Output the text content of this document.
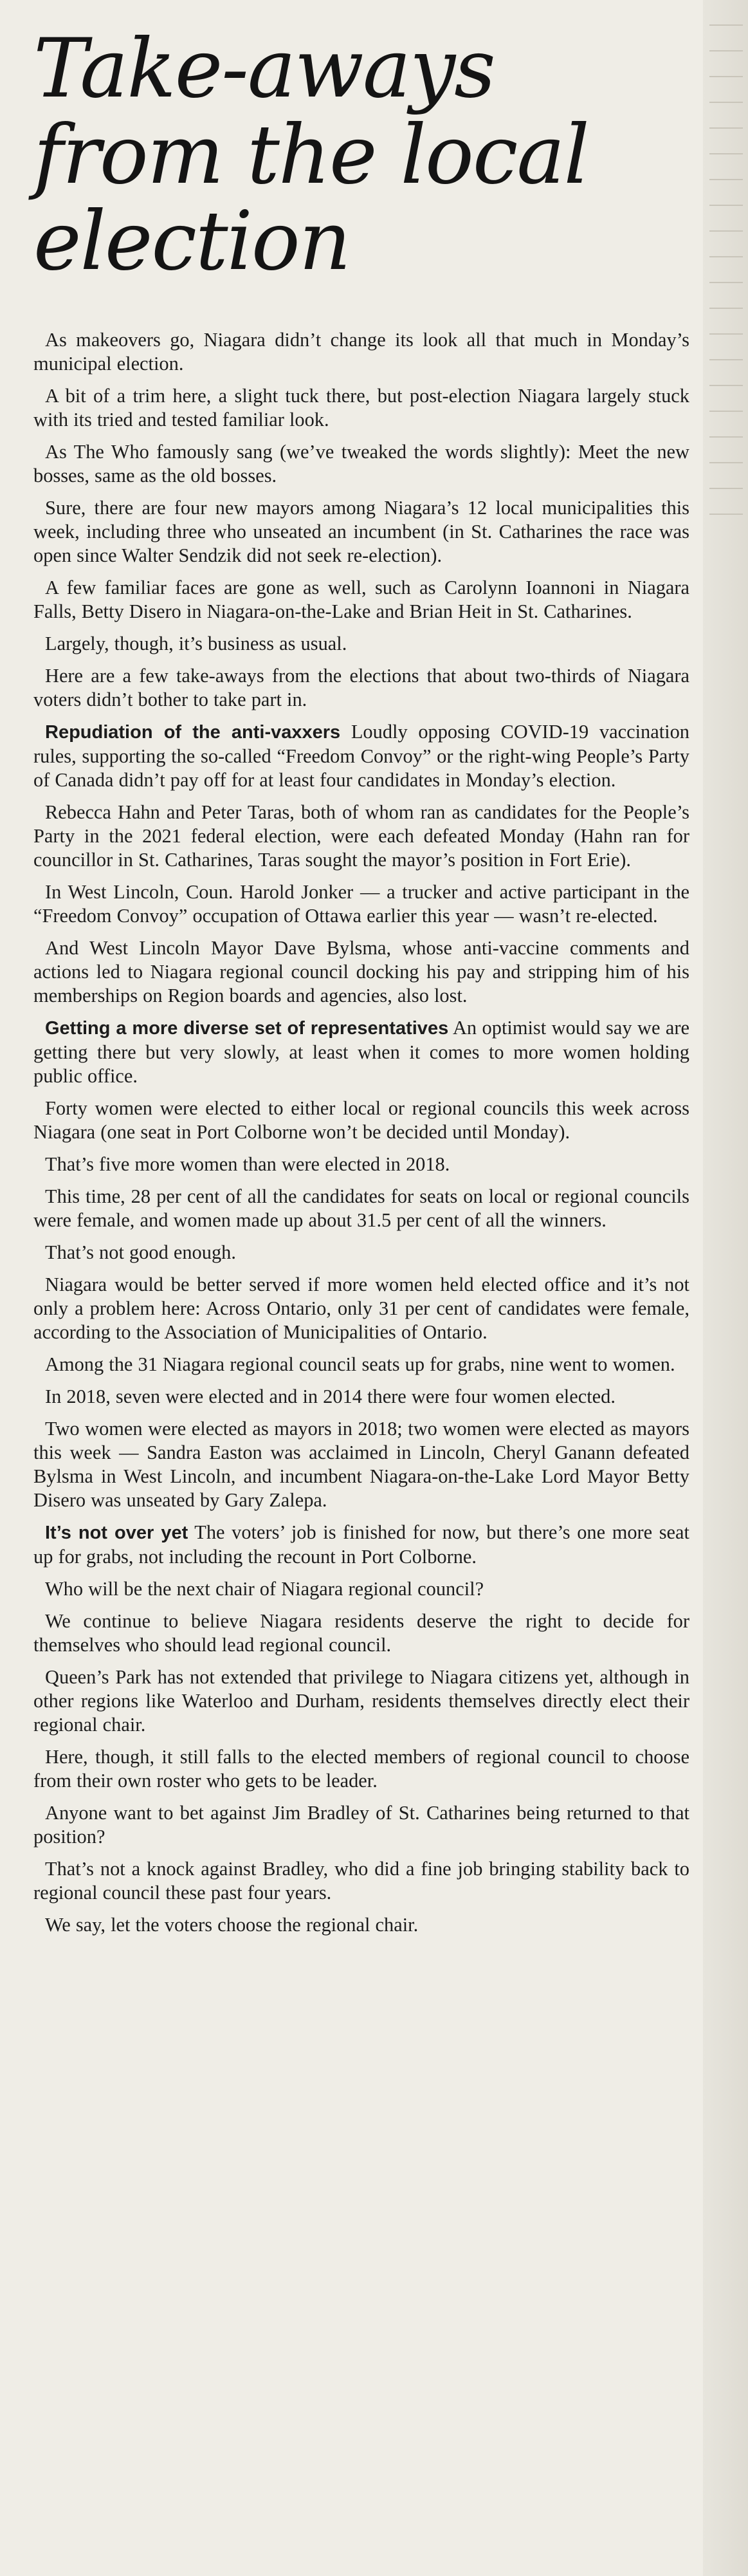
Take-aways from the local election

As makeovers go, Niagara didn’t change its look all that much in Monday’s municipal election.

A bit of a trim here, a slight tuck there, but post-election Niagara largely stuck with its tried and tested familiar look.

As The Who famously sang (we’ve tweaked the words slightly): Meet the new bosses, same as the old bosses.

Sure, there are four new mayors among Niagara’s 12 local municipalities this week, including three who unseated an incumbent (in St. Catharines the race was open since Walter Sendzik did not seek re-election).

A few familiar faces are gone as well, such as Carolynn Ioannoni in Niagara Falls, Betty Disero in Niagara-on-the-Lake and Brian Heit in St. Catharines.

Largely, though, it’s business as usual.

Here are a few take-aways from the elections that about two-thirds of Niagara voters didn’t bother to take part in.

Repudiation of the anti-vaxxers Loudly opposing COVID-19 vaccination rules, supporting the so-called “Freedom Convoy” or the right-wing People’s Party of Canada didn’t pay off for at least four candidates in Monday’s election.

Rebecca Hahn and Peter Taras, both of whom ran as candidates for the People’s Party in the 2021 federal election, were each defeated Monday (Hahn ran for councillor in St. Catharines, Taras sought the mayor’s position in Fort Erie).

In West Lincoln, Coun. Harold Jonker — a trucker and active participant in the “Freedom Convoy” occupation of Ottawa earlier this year — wasn’t re-elected.

And West Lincoln Mayor Dave Bylsma, whose anti-vaccine comments and actions led to Niagara regional council docking his pay and stripping him of his memberships on Region boards and agencies, also lost.

Getting a more diverse set of representatives An optimist would say we are getting there but very slowly, at least when it comes to more women holding public office.

Forty women were elected to either local or regional councils this week across Niagara (one seat in Port Colborne won’t be decided until Monday).

That’s five more women than were elected in 2018.

This time, 28 per cent of all the candidates for seats on local or regional councils were female, and women made up about 31.5 per cent of all the winners.

That’s not good enough.

Niagara would be better served if more women held elected office and it’s not only a problem here: Across Ontario, only 31 per cent of candidates were female, according to the Association of Municipalities of Ontario.

Among the 31 Niagara regional council seats up for grabs, nine went to women.

In 2018, seven were elected and in 2014 there were four women elected.

Two women were elected as mayors in 2018; two women were elected as mayors this week — Sandra Easton was acclaimed in Lincoln, Cheryl Ganann defeated Bylsma in West Lincoln, and incumbent Niagara-on-the-Lake Lord Mayor Betty Disero was unseated by Gary Zalepa.

It’s not over yet The voters’ job is finished for now, but there’s one more seat up for grabs, not including the recount in Port Colborne.

Who will be the next chair of Niagara regional council?

We continue to believe Niagara residents deserve the right to decide for themselves who should lead regional council.

Queen’s Park has not extended that privilege to Niagara citizens yet, although in other regions like Waterloo and Durham, residents themselves directly elect their regional chair.

Here, though, it still falls to the elected members of regional council to choose from their own roster who gets to be leader.

Anyone want to bet against Jim Bradley of St. Catharines being returned to that position?

That’s not a knock against Bradley, who did a fine job bringing stability back to regional council these past four years.

We say, let the voters choose the regional chair.
